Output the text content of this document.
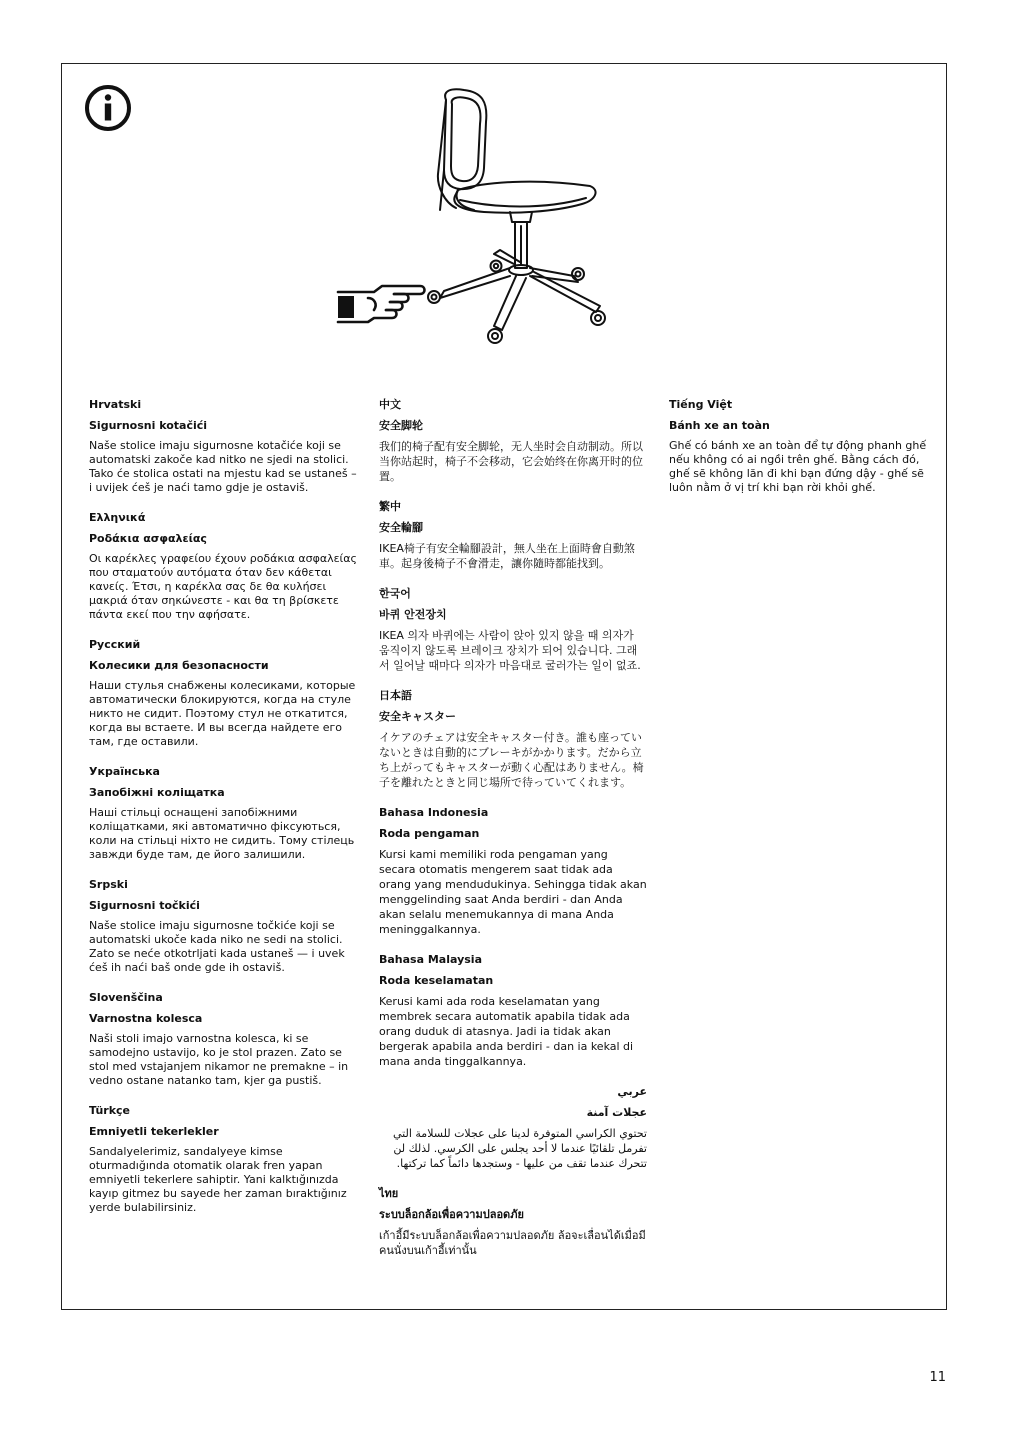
Hrvatski
Sigurnosni kotačići
Naše stolice imaju sigurnosne kotačiće koji se automatski zakoče kad nitko ne sjedi na stolici. Tako će stolica ostati na mjestu kad se ustaneš – i uvijek ćeš je naći tamo gdje je ostaviš.
Ελληνικά
Ροδάκια ασφαλείας
Οι καρέκλες γραφείου έχουν ροδάκια ασφαλείας που σταματούν αυτόματα όταν δεν κάθεται κανείς. Έτσι, η καρέκλα σας δε θα κυλήσει μακριά όταν σηκώνεστε - και θα τη βρίσκετε πάντα εκεί που την αφήσατε.
Русский
Колесики для безопасности
Наши стулья снабжены колесиками, которые автоматически блокируются, когда на стуле никто не сидит. Поэтому стул не откатится, когда вы встаете. И вы всегда найдете его там, где оставили.
Українська
Запобіжні коліщатка
Наші стільці оснащені запобіжними коліщатками, які автоматично фіксуються, коли на стільці ніхто не сидить. Тому стілець завжди буде там, де його залишили.
Srpski
Sigurnosni točkići
Naše stolice imaju sigurnosne točkiće koji se automatski ukoče kada niko ne sedi na stolici. Zato se neće otkotrljati kada ustaneš — i uvek ćeš ih naći baš onde gde ih ostaviš.
Slovenščina
Varnostna kolesca
Naši stoli imajo varnostna kolesca, ki se samodejno ustavijo, ko je stol prazen. Zato se stol med vstajanjem nikamor ne premakne – in vedno ostane natanko tam, kjer ga pustiš.
Türkçe
Emniyetli tekerlekler
Sandalyelerimiz, sandalyeye kimse oturmadığında otomatik olarak fren yapan emniyetli tekerlere sahiptir. Yani kalktığınızda kayıp gitmez bu sayede her zaman bıraktığınız yerde bulabilirsiniz.
中文
安全脚轮
我们的椅子配有安全脚轮，无人坐时会自动制动。所以当你站起时，椅子不会移动，它会始终在你离开时的位置。
繁中
安全輪腳
IKEA椅子有安全輪腳設計，無人坐在上面時會自動煞車。起身後椅子不會滑走，讓你隨時都能找到。
한국어
바퀴 안전장치
IKEA 의자 바퀴에는 사람이 앉아 있지 않을 때 의자가 움직이지 않도록 브레이크 장치가 되어 있습니다. 그래서 일어날 때마다 의자가 마음대로 굴러가는 일이 없죠.
日本語
安全キャスター
イケアのチェアは安全キャスター付き。誰も座っていないときは自動的にブレーキがかかります。だから立ち上がってもキャスターが動く心配はありません。椅子を離れたときと同じ場所で待っていてくれます。
Bahasa Indonesia
Roda pengaman
Kursi kami memiliki roda pengaman yang secara otomatis mengerem saat tidak ada orang yang mendudukinya. Sehingga tidak akan menggelinding saat Anda berdiri - dan Anda akan selalu menemukannya di mana Anda meninggalkannya.
Bahasa Malaysia
Roda keselamatan
Kerusi kami ada roda keselamatan yang membrek secara automatik apabila tidak ada orang duduk di atasnya. Jadi ia tidak akan bergerak apabila anda berdiri - dan ia kekal di mana anda tinggalkannya.
عربي
عجلات آمنة
تحتوي الكراسي المتوفرة لدينا على عجلات للسلامة التي تفرمل تلقائيًا عندما لا أحد يجلس على الكرسي. لذلك لن تتحرك عندما تقف من عليها - وستجدها دائماً كما تركتها.
ไทย
ระบบล็อกล้อเพื่อความปลอดภัย
เก้าอี้มีระบบล็อกล้อเพื่อความปลอดภัย ล้อจะเลื่อนได้เมื่อมีคนนั่งบนเก้าอี้เท่านั้น
Tiếng Việt
Bánh xe an toàn
Ghế có bánh xe an toàn để tự động phanh ghế nếu không có ai ngồi trên ghế. Bằng cách đó, ghế sẽ không lăn đi khi bạn đứng dậy - ghế sẽ luôn nằm ở vị trí khi bạn rời khỏi ghế.
11
